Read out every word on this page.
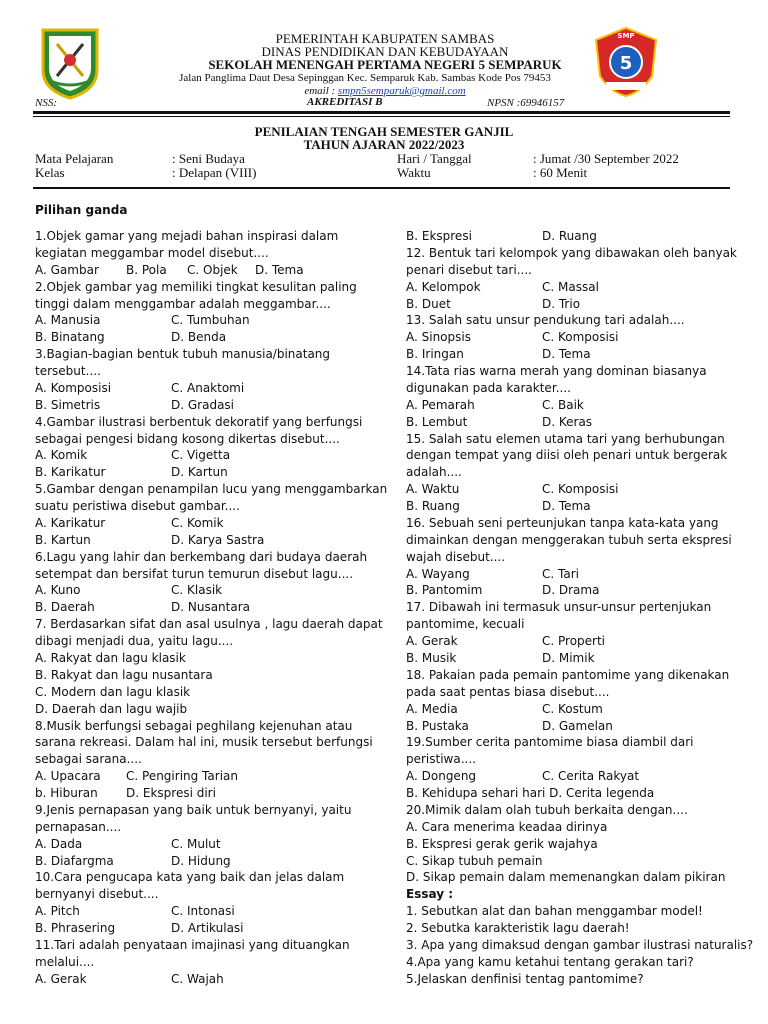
SMP
5
PEMERINTAH KABUPATEN SAMBAS
DINAS PENDIDIKAN DAN KEBUDAYAAN
SEKOLAH MENENGAH PERTAMA NEGERI 5 SEMPARUK
Jalan Panglima Daut Desa Sepinggan Kec. Semparuk Kab. Sambas Kode Pos 79453
email : smpn5semparuk@gmail.com
NSS:	AKREDITASI B	NPSN :69946157
PENILAIAN TENGAH SEMESTER GANJIL
TAHUN AJARAN 2022/2023
Mata Pelajaran	: Seni Budaya
Kelas	: Delapan (VIII)
Hari / Tanggal	: Jumat /30 September 2022
Waktu	: 60 Menit
Pilihan ganda
1.Objek gamar yang mejadi bahan inspirasi dalam
kegiatan meggambar model disebut....
A. Gambar B. Pola C. Objek D. Tema
2.Objek gambar yag memiliki tingkat kesulitan paling
tinggi dalam menggambar adalah meggambar....
A. Manusia	C. Tumbuhan
B. Binatang	D. Benda
3.Bagian-bagian bentuk tubuh manusia/binatang
tersebut....
A. Komposisi	C. Anaktomi
B. Simetris	D. Gradasi
4.Gambar ilustrasi berbentuk dekoratif yang berfungsi
sebagai pengesi bidang kosong dikertas disebut....
A. Komik	C. Vigetta
B. Karikatur	D. Kartun
5.Gambar dengan penampilan lucu yang menggambarkan
suatu peristiwa disebut gambar....
A. Karikatur	C. Komik
B. Kartun	D. Karya Sastra
6.Lagu yang lahir dan berkembang dari budaya daerah
setempat dan bersifat turun temurun disebut lagu....
A. Kuno	C. Klasik
B. Daerah	D. Nusantara
7. Berdasarkan sifat dan asal usulnya , lagu daerah dapat
dibagi menjadi dua, yaitu lagu....
A. Rakyat dan lagu klasik
B. Rakyat dan lagu nusantara
C. Modern dan lagu klasik
D. Daerah dan lagu wajib
8.Musik berfungsi sebagai peghilang kejenuhan atau
sarana rekreasi. Dalam hal ini, musik tersebut berfungsi
sebagai sarana....
A. Upacara C. Pengiring Tarian
b. Hiburan D. Ekspresi diri
9.Jenis pernapasan yang baik untuk bernyanyi, yaitu
pernapasan....
A. Dada	C. Mulut
B. Diafargma	D. Hidung
10.Cara pengucapa kata yang baik dan jelas dalam
bernyanyi disebut....
A. Pitch	C. Intonasi
B. Phrasering	D. Artikulasi
11.Tari adalah penyataan imajinasi yang dituangkan
melalui....
A. Gerak	C. Wajah
B. Ekspresi	D. Ruang
12. Bentuk tari kelompok yang dibawakan oleh banyak
penari disebut tari....
A. Kelompok	C. Massal
B. Duet	D. Trio
13. Salah satu unsur pendukung tari adalah....
A. Sinopsis	C. Komposisi
B. Iringan	D. Tema
14.Tata rias warna merah yang dominan biasanya
digunakan pada karakter....
A. Pemarah	C. Baik
B. Lembut	D. Keras
15. Salah satu elemen utama tari yang berhubungan
dengan tempat yang diisi oleh penari untuk bergerak
adalah....
A. Waktu	C. Komposisi
B. Ruang	D. Tema
16. Sebuah seni perteunjukan tanpa kata-kata yang
dimainkan dengan menggerakan tubuh serta ekspresi
wajah disebut....
A. Wayang	C. Tari
B. Pantomim	D. Drama
17. Dibawah ini termasuk unsur-unsur pertenjukan
pantomime, kecuali
A. Gerak	C. Properti
B. Musik	D. Mimik
18. Pakaian pada pemain pantomime yang dikenakan
pada saat pentas biasa disebut....
A. Media	C. Kostum
B. Pustaka	D. Gamelan
19.Sumber cerita pantomime biasa diambil dari
peristiwa....
A. Dongeng	C. Cerita Rakyat
B. Kehidupa sehari hari D. Cerita legenda
20.Mimik dalam olah tubuh berkaita dengan....
A. Cara menerima keadaa dirinya
B. Ekspresi gerak gerik wajahya
C. Sikap tubuh pemain
D. Sikap pemain dalam memenangkan dalam pikiran
Essay :
1. Sebutkan alat dan bahan menggambar model!
2. Sebutka karakteristik lagu daerah!
3. Apa yang dimaksud dengan gambar ilustrasi naturalis?
4.Apa yang kamu ketahui tentang gerakan tari?
5.Jelaskan denfinisi tentag pantomime?
